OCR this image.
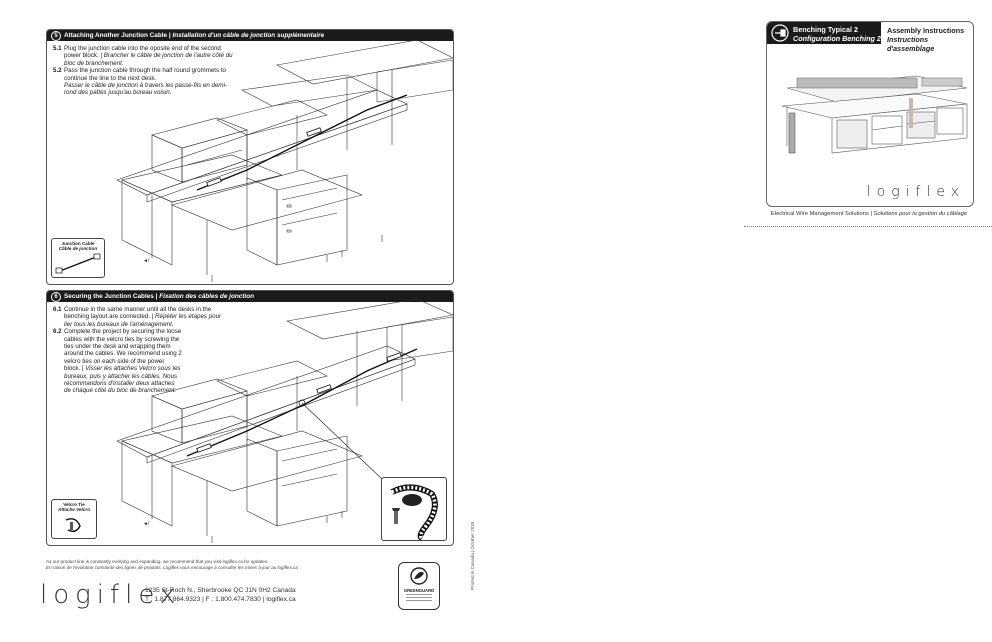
5 Attaching Another Junction Cable | Installation d'un câble de jonction supplémentaire
5.1 Plug the junction cable into the oposite end of the second power block. | Brancher le câble de jonction de l'autre côté du bloc de branchement.
5.2 Pass the junction cable through the half round grommets to continue the line to the next desk.
Passer le câble de jonction à travers les passe-fils en demi-rond des pattes jusqu'au bureau voisin.
◄/
Junction Cable
Câble de jonction
6 Securing the Junction Cables | Fixation des câbles de jonction
6.1 Continue in the same manner until all the desks in the benching layout are connected. | Répéter les étapes pour lier tous les bureaux de l'aménagement.
6.2 Complete the project by securing the loose cables with the velcro ties by screwing the ties under the desk and wrapping them around the cables. We recommend using 2 velcro ties on each side of the power block. | Visser les attaches Velcro sous les bureaux, puis y attacher les câbles. Nous recommandons d'installer deux attaches de chaque côté du bloc de branchement.
◄/
Velcro Tie
Attache Velcro
As our product line is constantly evolving and expanding, we recommend that you visit logiflex.ca for updates.
En raison de l'évolution constante des lignes de produits, Logiflex vous encourage à consulter les mises à jour au logiflex.ca
logiflex
1235 St-Roch N., Sherbrooke QC J1N 0H2 Canada
T : 1.877.864.9323 | F : 1.800.474.7830 | logiflex.ca
GREENGUARD
Printed in Canada | October 2015
Benching Typical 2
Configuration Benching 2
Assembly Instructions
Instructions d'assemblage
logiflex
Electrical Wire Management Solutions | Solutions pour la gestion du câblage
